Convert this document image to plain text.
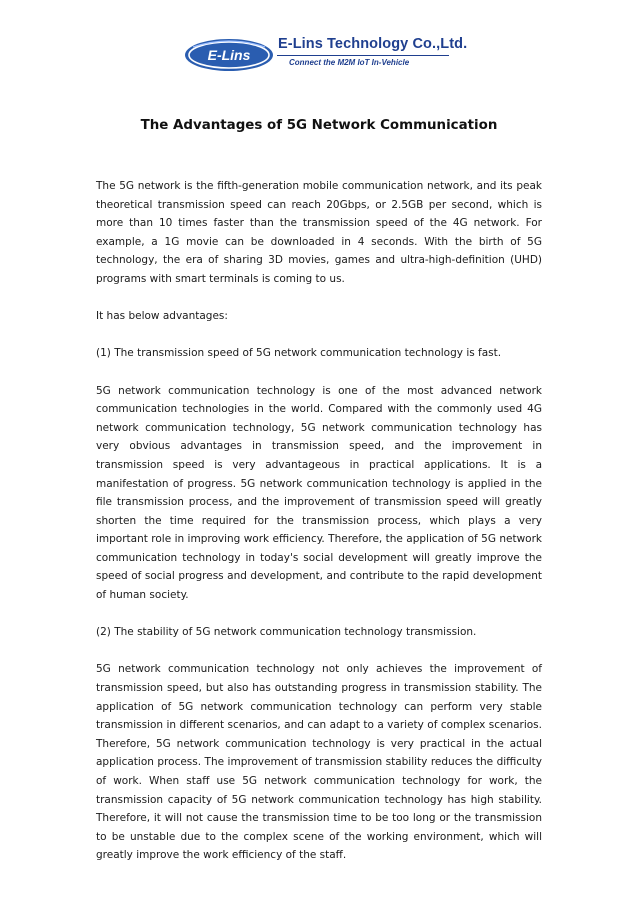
E-Lins
E-Lins Technology Co.,Ltd.
Connect the M2M IoT In-Vehicle
The Advantages of 5G Network Communication

The 5G network is the fifth-generation mobile communication network, and its peak theoretical transmission speed can reach 20Gbps, or 2.5GB per second, which is more than 10 times faster than the transmission speed of the 4G network. For example, a 1G movie can be downloaded in 4 seconds. With the birth of 5G technology, the era of sharing 3D movies, games and ultra-high-definition (UHD) programs with smart terminals is coming to us.

It has below advantages:

(1) The transmission speed of 5G network communication technology is fast.

5G network communication technology is one of the most advanced network communication technologies in the world. Compared with the commonly used 4G network communication technology, 5G network communication technology has very obvious advantages in transmission speed, and the improvement in transmission speed is very advantageous in practical applications. It is a manifestation of progress. 5G network communication technology is applied in the file transmission process, and the improvement of transmission speed will greatly shorten the time required for the transmission process, which plays a very important role in improving work efficiency. Therefore, the application of 5G network communication technology in today's social development will greatly improve the speed of social progress and development, and contribute to the rapid development of human society.

(2) The stability of 5G network communication technology transmission.

5G network communication technology not only achieves the improvement of transmission speed, but also has outstanding progress in transmission stability. The application of 5G network communication technology can perform very stable transmission in different scenarios, and can adapt to a variety of complex scenarios. Therefore, 5G network communication technology is very practical in the actual application process. The improvement of transmission stability reduces the difficulty of work. When staff use 5G network communication technology for work, the transmission capacity of 5G network communication technology has high stability. Therefore, it will not cause the transmission time to be too long or the transmission to be unstable due to the complex scene of the working environment, which will greatly improve the work efficiency of the staff.
